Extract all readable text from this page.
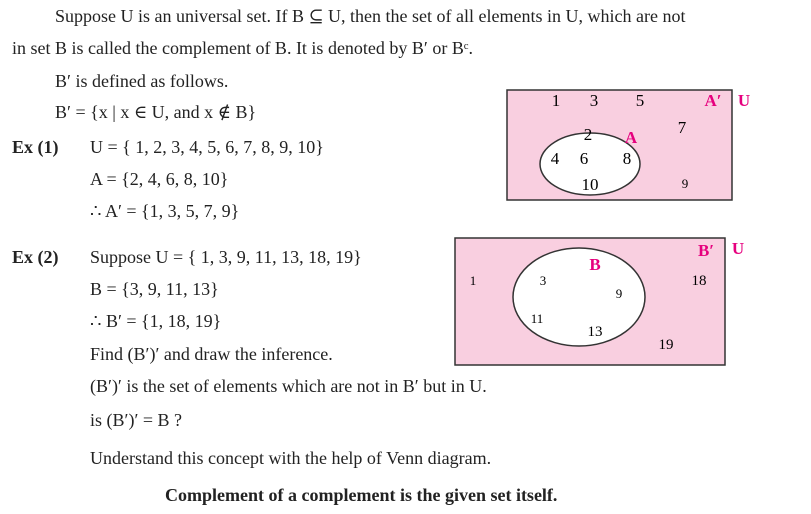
Suppose U is an universal set. If B ⊆ U, then the set of all elements in U, which are not
in set B is called the complement of B. It is denoted by B′ or Bᶜ.
B′ is defined as follows.
B′ = {x | x ∈ U, and x ∉ B}
Ex (1) U = { 1, 2, 3, 4, 5, 6, 7, 8, 9, 10}
A = {2, 4, 6, 8, 10}
∴ A′ = {1, 3, 5, 7, 9}
Ex (2) Suppose U = { 1, 3, 9, 11, 13, 18, 19}
B = {3, 9, 11, 13}
∴ B′ = {1, 18, 19}
Find (B′)′ and draw the inference.
(B′)′ is the set of elements which are not in B′ but in U.
is (B′)′ = B ?
Understand this concept with the help of Venn diagram.
Complement of a complement is the given set itself.
1 3 5
7
9
2
4 6 8
10
A
A′ U
1	18
19
3
9
11
13
B
B′ U
